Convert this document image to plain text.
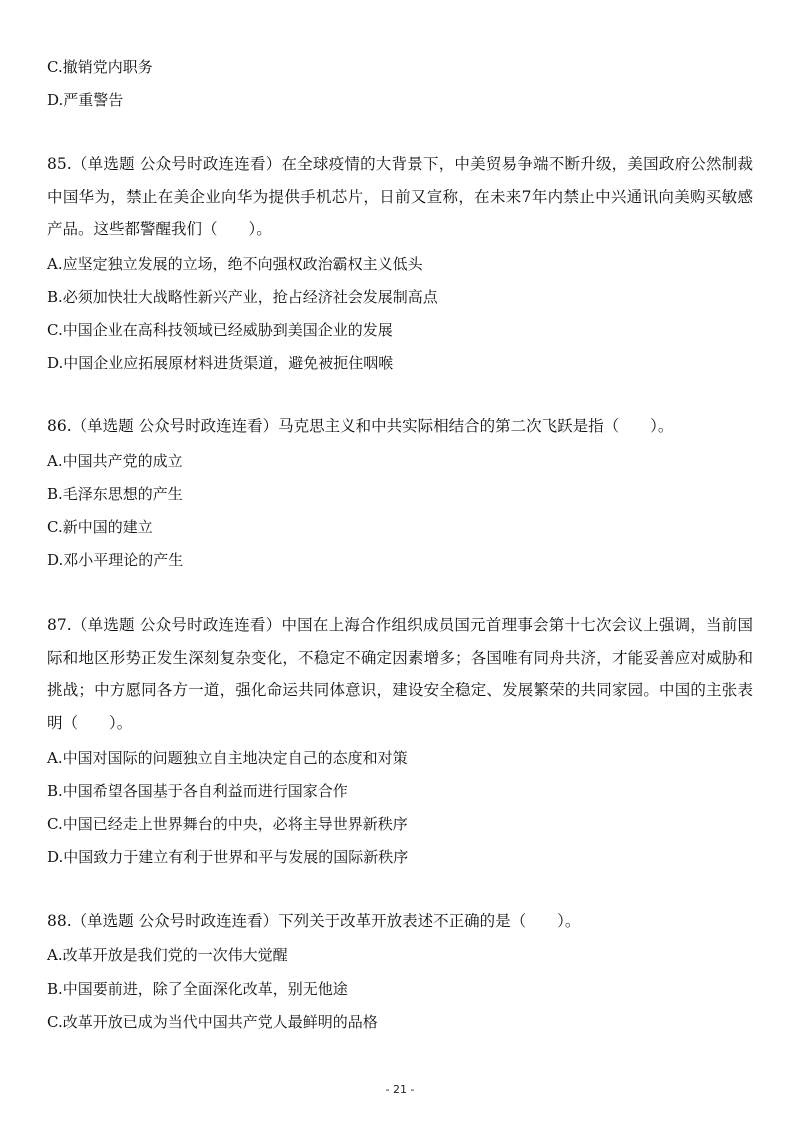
C.撤销党内职务
D.严重警告
85.（单选题 公众号时政连连看）在全球疫情的大背景下，中美贸易争端不断升级，美国政府公然制裁中国华为，禁止在美企业向华为提供手机芯片，日前又宣称，在未来7年内禁止中兴通讯向美购买敏感产品。这些都警醒我们（　　）。
A.应坚定独立发展的立场，绝不向强权政治霸权主义低头
B.必须加快壮大战略性新兴产业，抢占经济社会发展制高点
C.中国企业在高科技领域已经威胁到美国企业的发展
D.中国企业应拓展原材料进货渠道，避免被扼住咽喉
86.（单选题 公众号时政连连看）马克思主义和中共实际相结合的第二次飞跃是指（　　）。
A.中国共产党的成立
B.毛泽东思想的产生
C.新中国的建立
D.邓小平理论的产生
87.（单选题 公众号时政连连看）中国在上海合作组织成员国元首理事会第十七次会议上强调，当前国际和地区形势正发生深刻复杂变化，不稳定不确定因素增多；各国唯有同舟共济，才能妥善应对威胁和挑战；中方愿同各方一道，强化命运共同体意识，建设安全稳定、发展繁荣的共同家园。中国的主张表明（　　）。
A.中国对国际的问题独立自主地决定自己的态度和对策
B.中国希望各国基于各自利益而进行国家合作
C.中国已经走上世界舞台的中央，必将主导世界新秩序
D.中国致力于建立有利于世界和平与发展的国际新秩序
88.（单选题 公众号时政连连看）下列关于改革开放表述不正确的是（　　）。
A.改革开放是我们党的一次伟大觉醒
B.中国要前进，除了全面深化改革，别无他途
C.改革开放已成为当代中国共产党人最鲜明的品格
- 21 -
